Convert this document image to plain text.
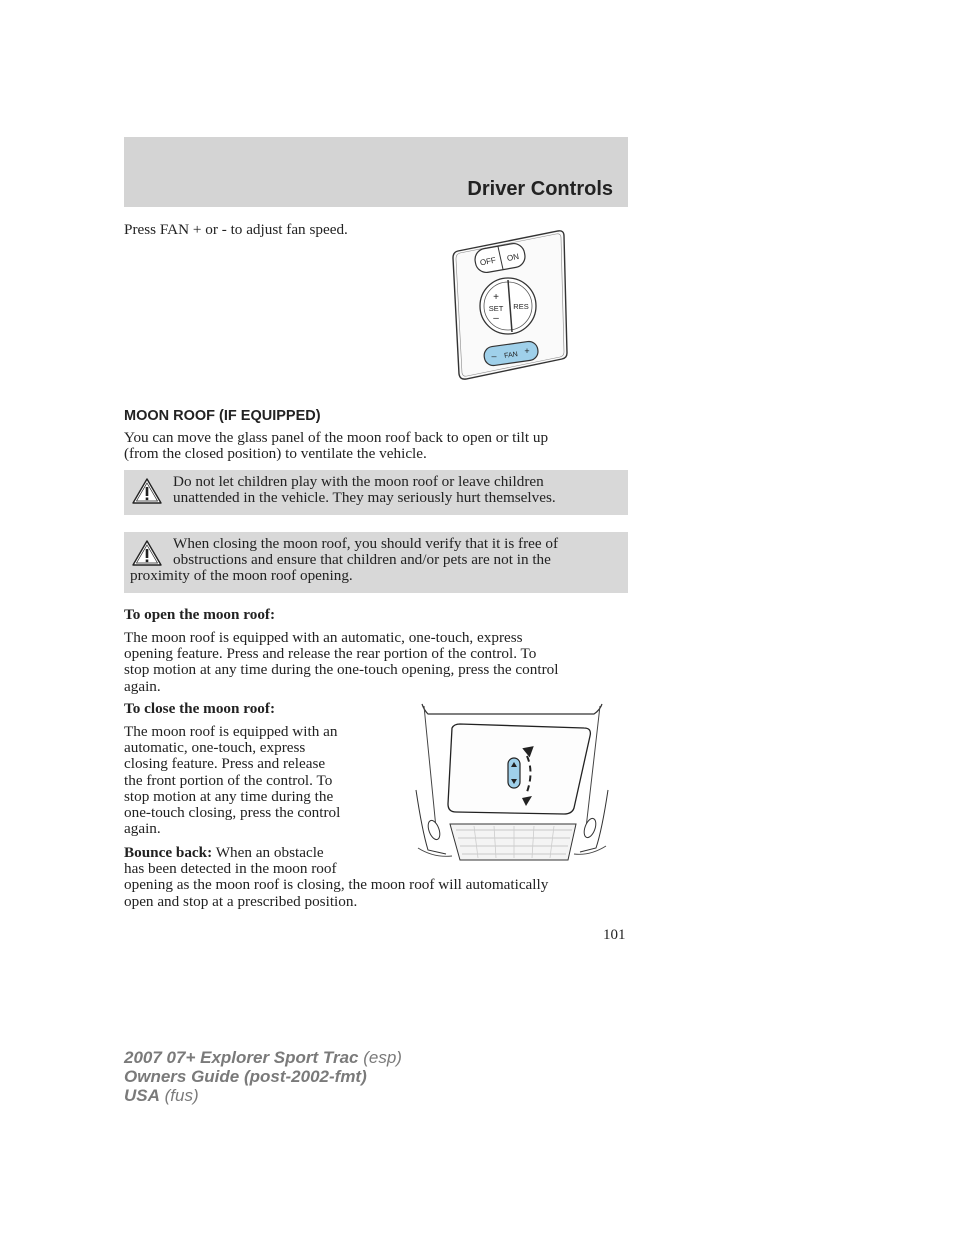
Driver Controls
Press FAN + or - to adjust fan speed.
OFF ON
+
SET
–
RES
– FAN +
MOON ROOF (IF EQUIPPED)
You can move the glass panel of the moon roof back to open or tilt up
(from the closed position) to ventilate the vehicle.
Do not let children play with the moon roof or leave children
unattended in the vehicle. They may seriously hurt themselves.
When closing the moon roof, you should verify that it is free of
obstructions and ensure that children and/or pets are not in the
proximity of the moon roof opening.
To open the moon roof:
The moon roof is equipped with an automatic, one-touch, express
opening feature. Press and release the rear portion of the control. To
stop motion at any time during the one-touch opening, press the control
again.
To close the moon roof:
The moon roof is equipped with an
automatic, one-touch, express
closing feature. Press and release
the front portion of the control. To
stop motion at any time during the
one-touch closing, press the control
again.
Bounce back: When an obstacle
has been detected in the moon roof
opening as the moon roof is closing, the moon roof will automatically
open and stop at a prescribed position.
101
2007 07+ Explorer Sport Trac (esp)
Owners Guide (post-2002-fmt)
USA (fus)
